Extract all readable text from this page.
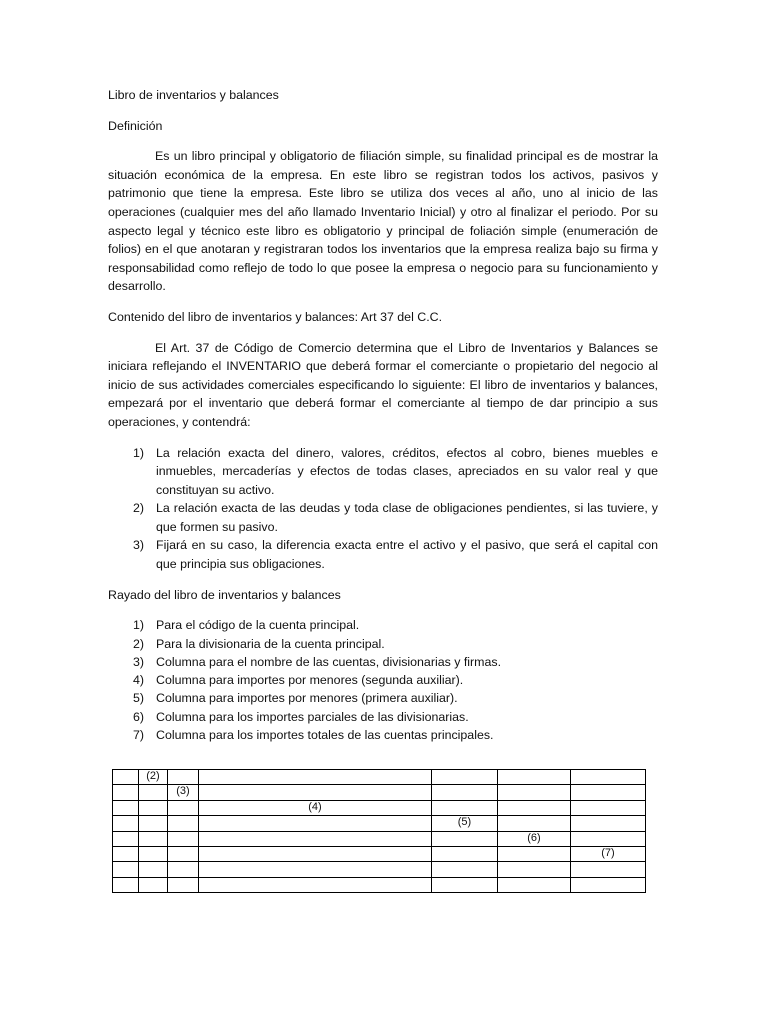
Libro de inventarios y balances

Definición

Es un libro principal y obligatorio de filiación simple, su finalidad principal es de mostrar la situación económica de la empresa. En este libro se registran todos los activos, pasivos y patrimonio que tiene la empresa. Este libro se utiliza dos veces al año, uno al inicio de las operaciones (cualquier mes del año llamado Inventario Inicial) y otro al finalizar el periodo. Por su aspecto legal y técnico este libro es obligatorio y principal de foliación simple (enumeración de folios) en el que anotaran y registraran todos los inventarios que la empresa realiza bajo su firma y responsabilidad como reflejo de todo lo que posee la empresa o negocio para su funcionamiento y desarrollo.

Contenido del libro de inventarios y balances: Art 37 del C.C.

El Art. 37 de Código de Comercio determina que el Libro de Inventarios y Balances se iniciara reflejando el INVENTARIO que deberá formar el comerciante o propietario del negocio al inicio de sus actividades comerciales especificando lo siguiente: El libro de inventarios y balances, empezará por el inventario que deberá formar el comerciante al tiempo de dar principio a sus operaciones, y contendrá:

1) La relación exacta del dinero, valores, créditos, efectos al cobro, bienes muebles e inmuebles, mercaderías y efectos de todas clases, apreciados en su valor real y que constituyan su activo.
2) La relación exacta de las deudas y toda clase de obligaciones pendientes, si las tuviere, y que formen su pasivo.
3) Fijará en su caso, la diferencia exacta entre el activo y el pasivo, que será el capital con que principia sus obligaciones.

Rayado del libro de inventarios y balances

1) Para el código de la cuenta principal.
2) Para la divisionaria de la cuenta principal.
3) Columna para el nombre de las cuentas, divisionarias y firmas.
4) Columna para importes por menores (segunda auxiliar).
5) Columna para importes por menores (primera auxiliar).
6) Columna para los importes parciales de las divisionarias.
7) Columna para los importes totales de las cuentas principales.
	(2)					
		(3)				
			(4)			
				(5)		
					(6)	
						(7)
